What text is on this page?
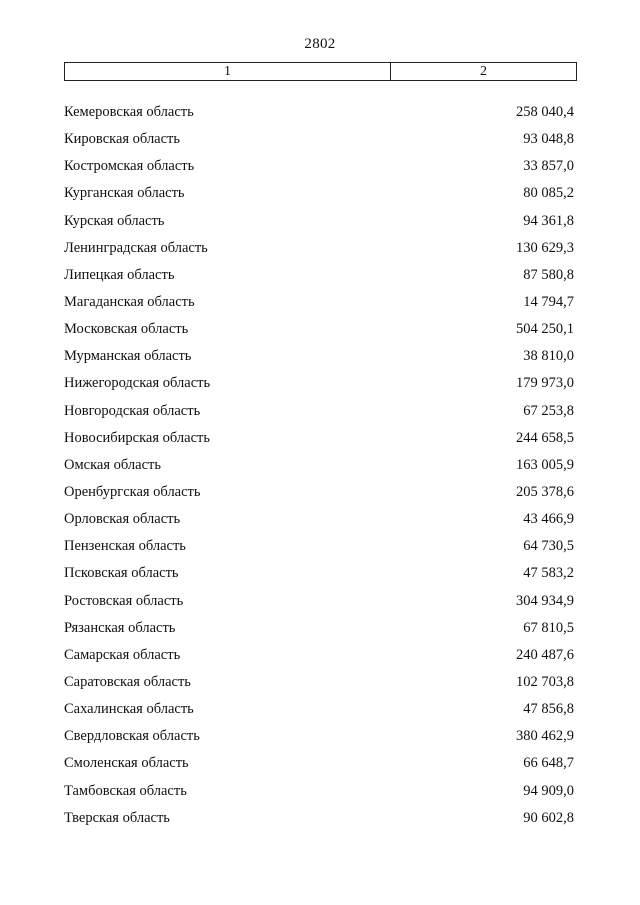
2802
1	2
Кемеровская область	258 040,4
Кировская область	93 048,8
Костромская область	33 857,0
Курганская область	80 085,2
Курская область	94 361,8
Ленинградская область	130 629,3
Липецкая область	87 580,8
Магаданская область	14 794,7
Московская область	504 250,1
Мурманская область	38 810,0
Нижегородская область	179 973,0
Новгородская область	67 253,8
Новосибирская область	244 658,5
Омская область	163 005,9
Оренбургская область	205 378,6
Орловская область	43 466,9
Пензенская область	64 730,5
Псковская область	47 583,2
Ростовская область	304 934,9
Рязанская область	67 810,5
Самарская область	240 487,6
Саратовская область	102 703,8
Сахалинская область	47 856,8
Свердловская область	380 462,9
Смоленская область	66 648,7
Тамбовская область	94 909,0
Тверская область	90 602,8
